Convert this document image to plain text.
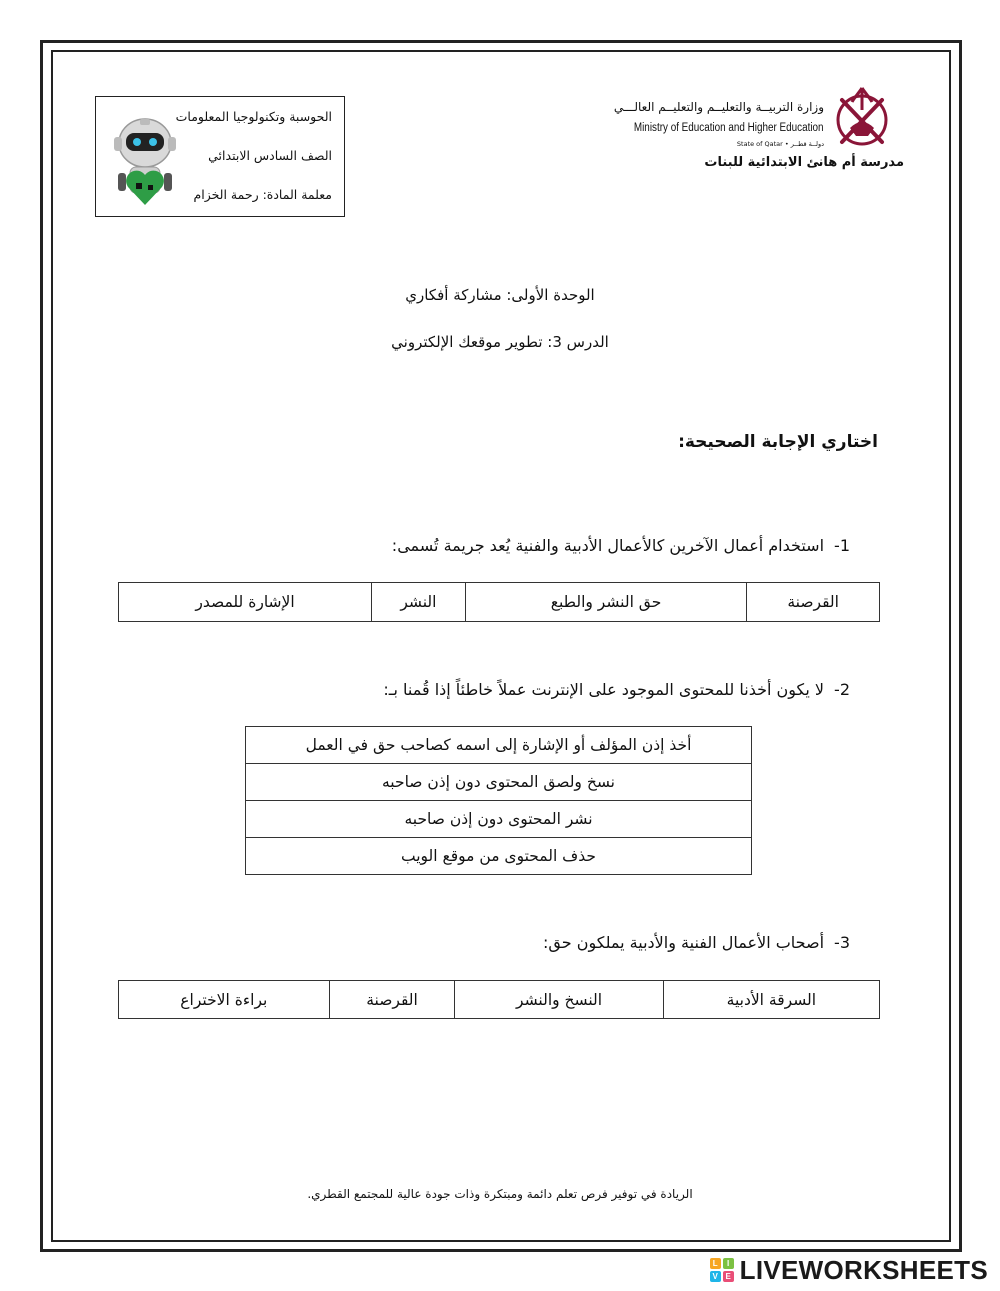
الحوسبة وتكنولوجيا المعلومات
الصف السادس الابتدائي
معلمة المادة: رحمة الخزام
وزارة التربيــة والتعليــم والتعليــم العالـــي
Ministry of Education and Higher Education
State of Qatar • دولــة قطــر
مدرسة أم هانئ الابتدائية للبنات
الوحدة الأولى: مشاركة أفكاري
الدرس 3: تطوير موقعك الإلكتروني
اختاري الإجابة الصحيحة:
1-استخدام أعمال الآخرين كالأعمال الأدبية والفنية يُعد جريمة تُسمى:
القرصنة	حق النشر والطبع	النشر	الإشارة للمصدر
2-لا يكون أخذنا للمحتوى الموجود على الإنترنت عملاً خاطئاً إذا قُمنا بـ:
أخذ إذن المؤلف أو الإشارة إلى اسمه كصاحب حق في العمل
نسخ ولصق المحتوى دون إذن صاحبه
نشر المحتوى دون إذن صاحبه
حذف المحتوى من موقع الويب
3-أصحاب الأعمال الفنية والأدبية يملكون حق:
السرقة الأدبية	النسخ والنشر	القرصنة	براءة الاختراع
الريادة في توفير فرص تعلم دائمة ومبتكرة وذات جودة عالية للمجتمع القطري.
L	I
V E LIVEWORKSHEETS
